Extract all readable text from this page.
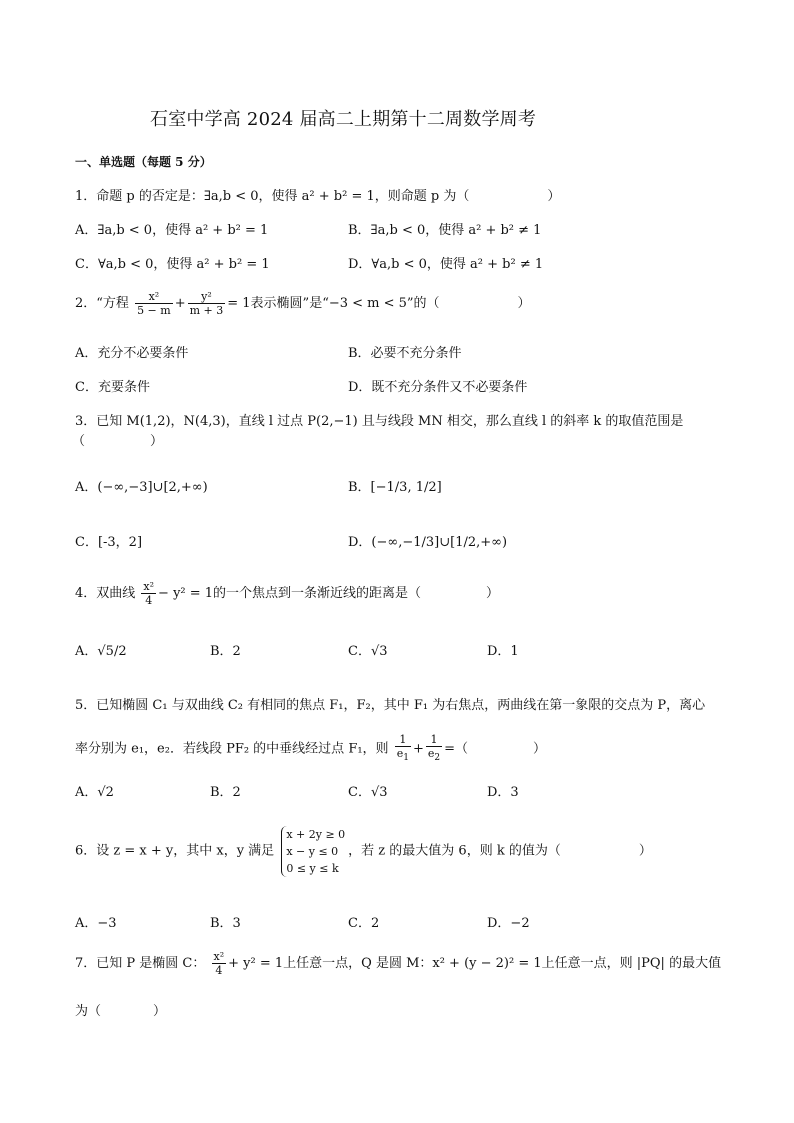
石室中学高 2024 届高二上期第十二周数学周考
一、单选题（每题 5 分）
1．命题 p 的否定是：∃a,b < 0，使得 a² + b² = 1，则命题 p 为（　　　　　　）
A．∃a,b < 0，使得 a² + b² = 1	B．∃a,b < 0，使得 a² + b² ≠ 1
C．∀a,b < 0，使得 a² + b² = 1	D．∀a,b < 0，使得 a² + b² ≠ 1
2．“方程 $\frac{\text{x²}}{5 - m} + \frac{\text{y²}}{m + 3} = 1$表示椭圆”是“−3 < m < 5”的（　　　　　　）
A．充分不必要条件	B．必要不充分条件
C．充要条件	D．既不充分条件又不必要条件
3．已知 M(1,2)，N(4,3)，直线 l 过点 P(2,−1) 且与线段 MN 相交，那么直线 l 的斜率 k 的取值范围是
（　　　　　）
A．(−∞,−3]∪[2,+∞)	B．[−1/3, 1/2]
C．[-3，2]	D．(−∞,−1/3]∪[1/2,+∞)
4．双曲线 $\frac{\text{x²}}{4} - y^2 = 1$的一个焦点到一条渐近线的距离是（　　　　　）
A．√5/2	B．2	C．√3	D．1
5．已知椭圆 C₁ 与双曲线 C₂ 有相同的焦点 F₁，F₂，其中 F₁ 为右焦点，两曲线在第一象限的交点为 P，离心
率分别为 e₁，e₂．若线段 PF₂ 的中垂线经过点 F₁，则 $\frac{1}{e_1} + \frac{1}{e_2}$ =（　　　　　）
A．√2	B．2	C．√3	D．3
6．设 z = x + y，其中 x，y 满足
x + 2y ≥ 0
x − y ≤ 0
0 ≤ y ≤ k
，若 z 的最大值为 6，则 k 的值为（　　　　　　）
A．−3	B．3	C．2	D．−2
7．已知 P 是椭圆 C： $\frac{\text{x²}}{4} + y^2 = 1$上任意一点，Q 是圆 M：x² + (y − 2)² = 1上任意一点，则 |PQ| 的最大值
为（　　　　）
